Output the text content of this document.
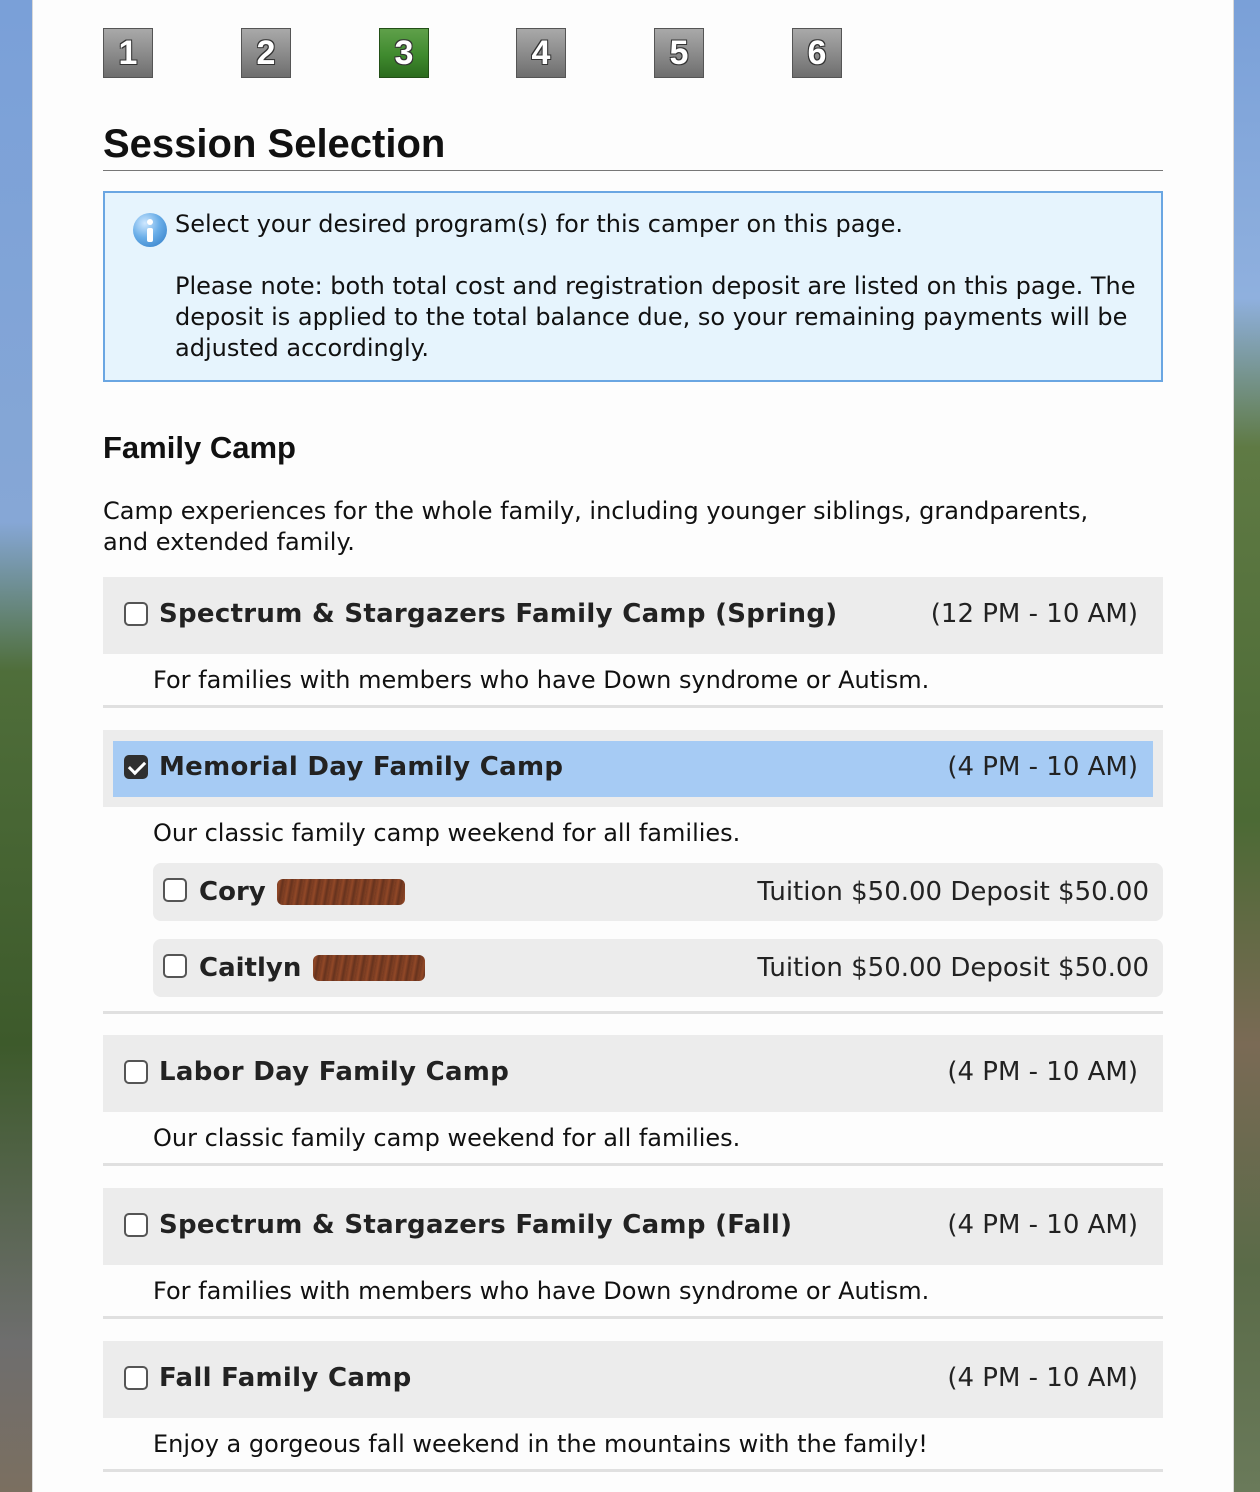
1	2	3	4	5	6
Session Selection

Select your desired program(s) for this camper on this page.

Please note: both total cost and registration deposit are listed on this page. The deposit is applied to the total balance due, so your remaining payments will be adjusted accordingly.

Family Camp
Camp experiences for the whole family, including younger siblings, grandparents, and extended family.
Spectrum & Stargazers Family Camp (Spring)	(12 PM - 10 AM)
For families with members who have Down syndrome or Autism.
Memorial Day Family Camp	(4 PM - 10 AM)
Our classic family camp weekend for all families.
Cory	Tuition $50.00 Deposit $50.00
Caitlyn	Tuition $50.00 Deposit $50.00
Labor Day Family Camp	(4 PM - 10 AM)
Our classic family camp weekend for all families.
Spectrum & Stargazers Family Camp (Fall)	(4 PM - 10 AM)
For families with members who have Down syndrome or Autism.
Fall Family Camp	(4 PM - 10 AM)
Enjoy a gorgeous fall weekend in the mountains with the family!
